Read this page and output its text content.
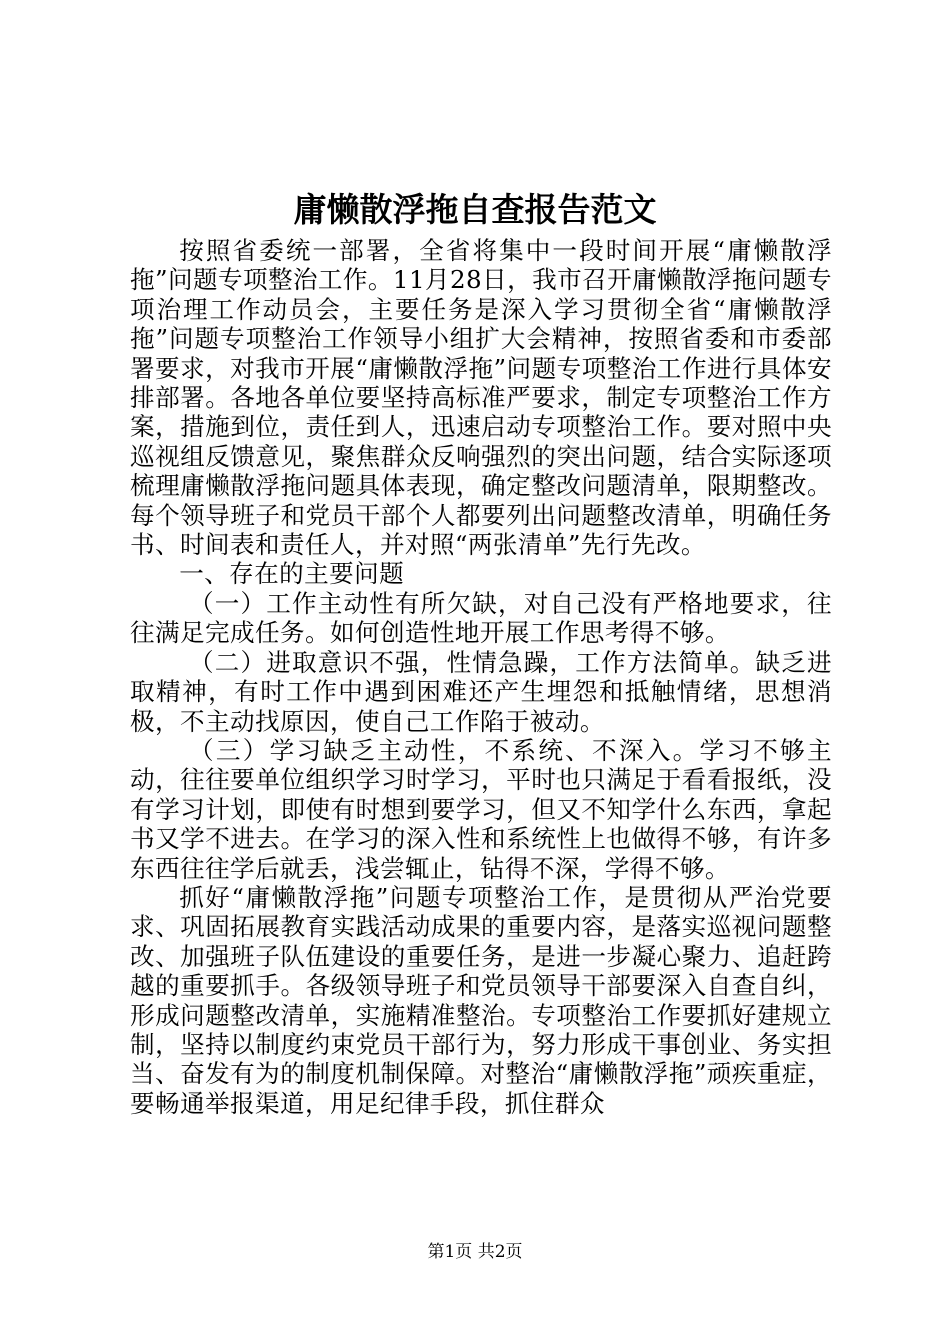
庸懒散浮拖自查报告范文

按照省委统一部署，全省将集中一段时间开展“庸懒散浮拖”问题专项整治工作。11月28日，我市召开庸懒散浮拖问题专项治理工作动员会，主要任务是深入学习贯彻全省“庸懒散浮拖”问题专项整治工作领导小组扩大会精神，按照省委和市委部署要求，对我市开展“庸懒散浮拖”问题专项整治工作进行具体安排部署。各地各单位要坚持高标准严要求，制定专项整治工作方案，措施到位，责任到人，迅速启动专项整治工作。要对照中央巡视组反馈意见，聚焦群众反响强烈的突出问题，结合实际逐项梳理庸懒散浮拖问题具体表现，确定整改问题清单，限期整改。每个领导班子和党员干部个人都要列出问题整改清单，明确任务书、时间表和责任人，并对照“两张清单”先行先改。

一、存在的主要问题

（一）工作主动性有所欠缺，对自己没有严格地要求，往往满足完成任务。如何创造性地开展工作思考得不够。

（二）进取意识不强，性情急躁，工作方法简单。缺乏进取精神，有时工作中遇到困难还产生埋怨和抵触情绪，思想消极，不主动找原因，使自己工作陷于被动。

（三）学习缺乏主动性，不系统、不深入。学习不够主动，往往要单位组织学习时学习，平时也只满足于看看报纸，没有学习计划，即使有时想到要学习，但又不知学什么东西，拿起书又学不进去。在学习的深入性和系统性上也做得不够，有许多东西往往学后就丢，浅尝辄止，钻得不深，学得不够。

抓好“庸懒散浮拖”问题专项整治工作，是贯彻从严治党要求、巩固拓展教育实践活动成果的重要内容，是落实巡视问题整改、加强班子队伍建设的重要任务，是进一步凝心聚力、追赶跨越的重要抓手。各级领导班子和党员领导干部要深入自查自纠，形成问题整改清单，实施精准整治。专项整治工作要抓好建规立制，坚持以制度约束党员干部行为，努力形成干事创业、务实担当、奋发有为的制度机制保障。对整治“庸懒散浮拖”顽疾重症，要畅通举报渠道，用足纪律手段，抓住群众

第1页 共2页
